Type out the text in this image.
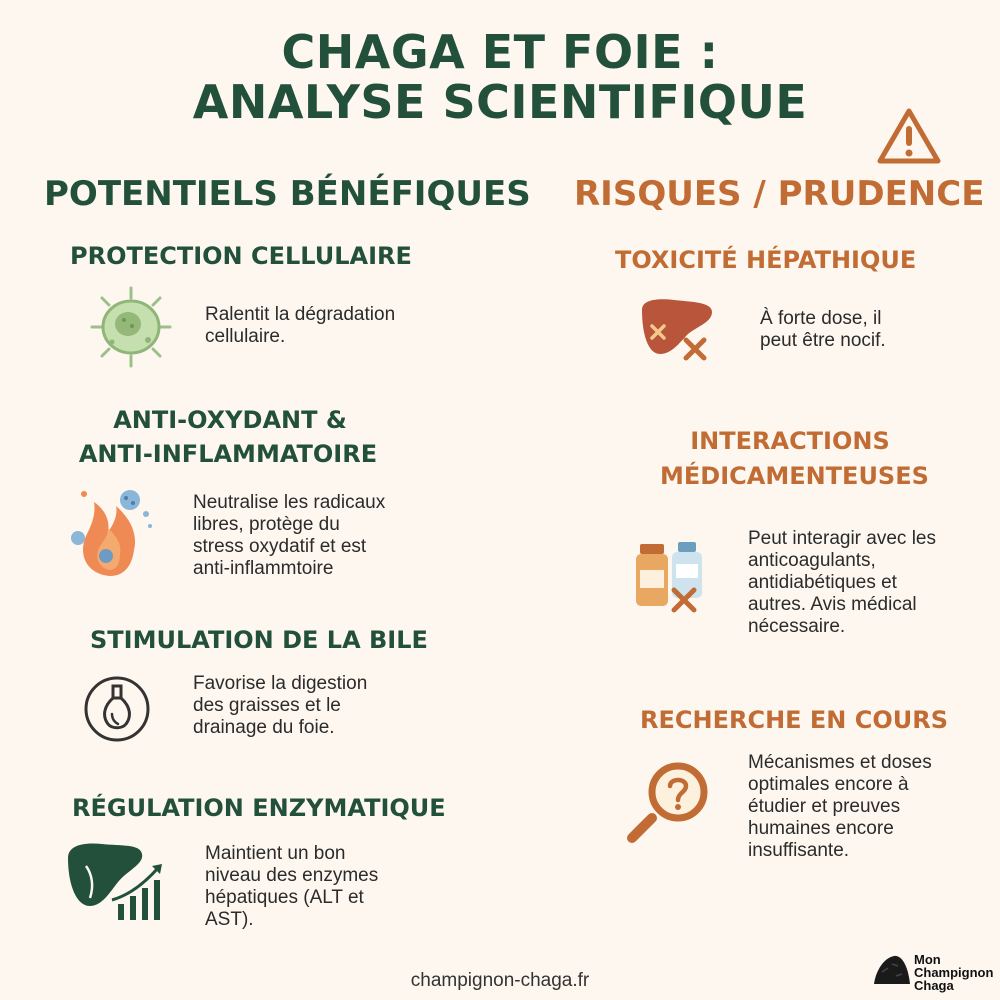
CHAGA ET FOIE :
ANALYSE SCIENTIFIQUE
POTENTIELS BÉNÉFIQUES RISQUES / PRUDENCE
PROTECTION CELLULAIRE
Ralentit la dégradation
cellulaire.
ANTI-OXYDANT &
ANTI-INFLAMMATOIRE
Neutralise les radicaux
libres, protège du
stress oxydatif et est
anti-inflammtoire
STIMULATION DE LA BILE
Favorise la digestion
des graisses et le
drainage du foie.
RÉGULATION ENZYMATIQUE
Maintient un bon
niveau des enzymes
hépatiques (ALT et
AST).
TOXICITÉ HÉPATHIQUE
À forte dose, il
peut être nocif.
INTERACTIONS
MÉDICAMENTEUSES
Peut interagir avec les
anticoagulants,
antidiabétiques et
autres. Avis médical
nécessaire.
RECHERCHE EN COURS
Mécanismes et doses
optimales encore à
étudier et preuves
humaines encore
insuffisante.
champignon-chaga.fr
Mon
Champignon
Chaga
